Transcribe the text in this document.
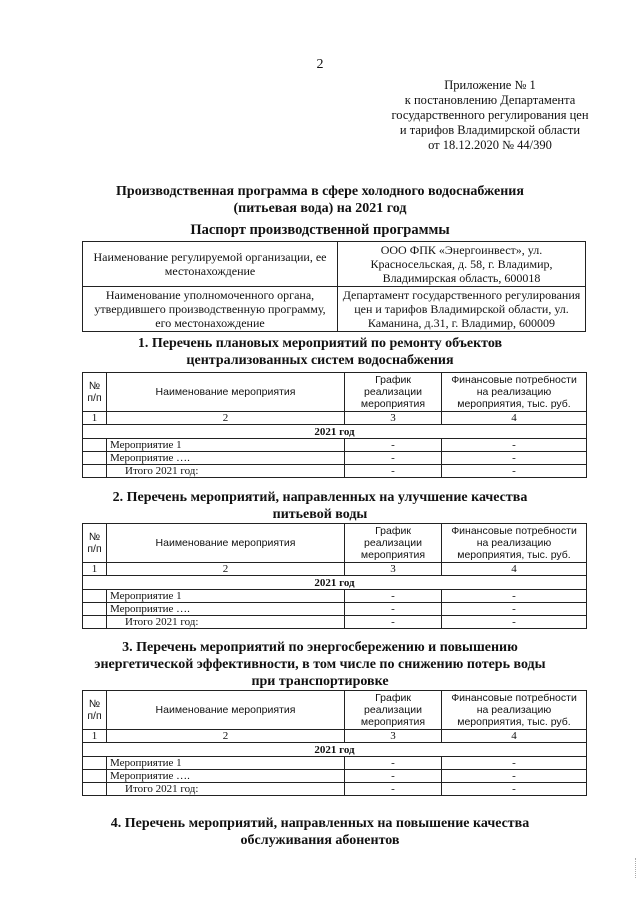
2
Приложение № 1
к постановлению Департамента
государственного регулирования цен
и тарифов Владимирской области
от 18.12.2020 № 44/390
Производственная программа в сфере холодного водоснабжения
(питьевая вода) на 2021 год
Паспорт производственной программы
Наименование регулируемой организации, ее местонахождение	ООО ФПК «Энергоинвест», ул. Красносельская, д. 58, г. Владимир, Владимирская область, 600018
Наименование уполномоченного органа, утвердившего производственную программу, его местонахождение	Департамент государственного регулирования цен и тарифов Владимирской области, ул. Каманина, д.31, г. Владимир, 600009
1. Перечень плановых мероприятий по ремонту объектов
централизованных систем водоснабжения
№ п/п	Наименование мероприятия	График реализации мероприятия	Финансовые потребности на реализацию мероприятия, тыс. руб.
1	2	3	4
2021 год			
	Мероприятие 1	-	-
	Мероприятие ….	-	-
	Итого 2021 год:	-	-
2. Перечень мероприятий, направленных на улучшение качества
питьевой воды
№ п/п	Наименование мероприятия	График реализации мероприятия	Финансовые потребности на реализацию мероприятия, тыс. руб.
1	2	3	4
2021 год			
	Мероприятие 1	-	-
	Мероприятие ….	-	-
	Итого 2021 год:	-	-
3. Перечень мероприятий по энергосбережению и повышению
энергетической эффективности, в том числе по снижению потерь воды
при транспортировке
№ п/п	Наименование мероприятия	График реализации мероприятия	Финансовые потребности на реализацию мероприятия, тыс. руб.
1	2	3	4
2021 год			
	Мероприятие 1	-	-
	Мероприятие ….	-	-
	Итого 2021 год:	-	-
4. Перечень мероприятий, направленных на повышение качества
обслуживания абонентов
